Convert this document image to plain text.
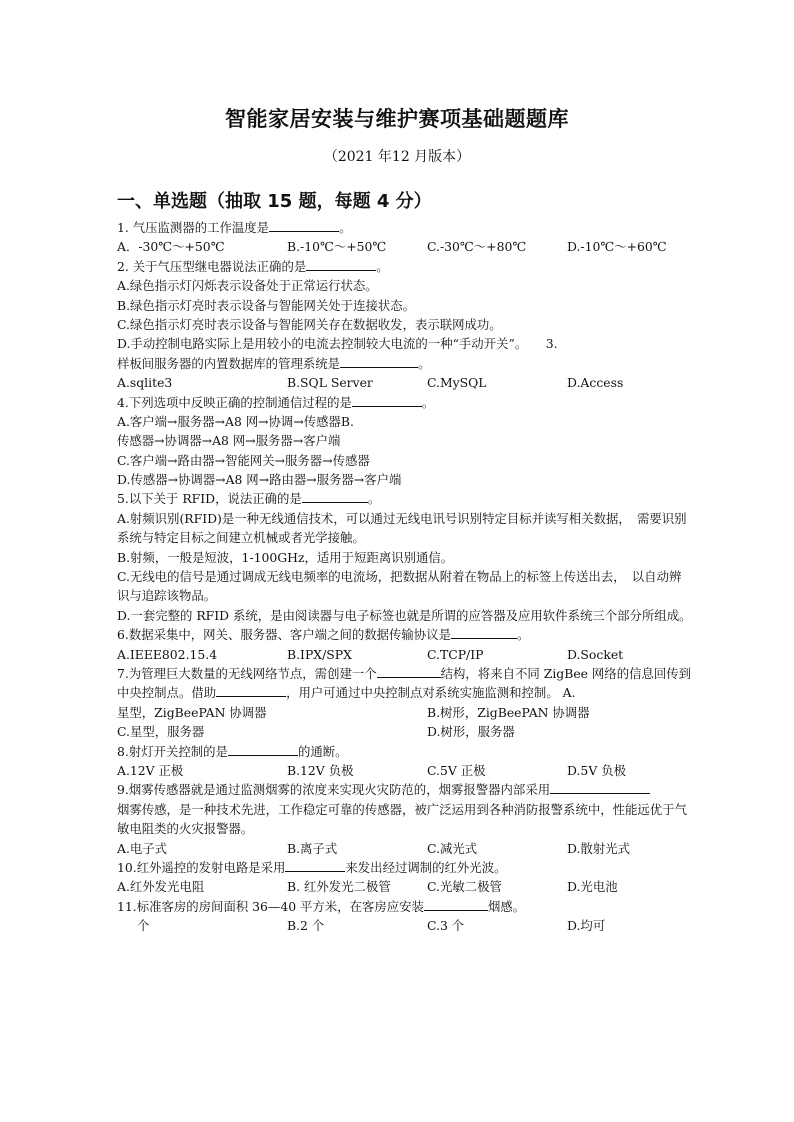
智能家居安装与维护赛项基础题题库
（2021 年12 月版本）
一、单选题（抽取 15 题，每题 4 分）
1. 气压监测器的工作温度是	。
A．-30℃～+50℃	B.-10℃～+50℃	C.-30℃～+80℃	D.-10℃～+60℃
2. 关于气压型继电器说法正确的是	。
A.绿色指示灯闪烁表示设备处于正常运行状态。
B.绿色指示灯亮时表示设备与智能网关处于连接状态。
C.绿色指示灯亮时表示设备与智能网关存在数据收发，表示联网成功。
D.手动控制电路实际上是用较小的电流去控制较大电流的一种“手动开关”。　　3.
样板间服务器的内置数据库的管理系统是	。
A.sqlite3	B.SQL Server	C.MySQL	D.Access
4.下列选项中反映正确的控制通信过程的是	。
A.客户端→服务器→A8 网→协调→传感器B.
传感器→协调器→A8 网→服务器→客户端
C.客户端→路由器→智能网关→服务器→传感器
D.传感器→协调器→A8 网→路由器→服务器→客户端
5.以下关于 RFID，说法正确的是	。
A.射频识别(RFID)是一种无线通信技术，可以通过无线电讯号识别特定目标并读写相关数据，　需要识别系统与特定目标之间建立机械或者光学接触。
B.射频，一般是短波，1-100GHz，适用于短距离识别通信。
C.无线电的信号是通过调成无线电频率的电流场，把数据从附着在物品上的标签上传送出去，　以自动辨识与追踪该物品。
D.一套完整的 RFID 系统，是由阅读器与电子标签也就是所谓的应答器及应用软件系统三个部分所组成。
6.数据采集中，网关、服务器、客户端之间的数据传输协议是	。
A.IEEE802.15.4	B.IPX/SPX	C.TCP/IP	D.Socket
7.为管理巨大数量的无线网络节点，需创建一个	结构，将来自不同 ZigBee 网络的信息回传到中央控制点。借助	，用户可通过中央控制点对系统实施监测和控制。 A.
星型，ZigBeePAN 协调器	B.树形，ZigBeePAN 协调器
C.星型，服务器	D.树形，服务器
8.射灯开关控制的是	的通断。
A.12V 正极	B.12V 负极	C.5V 正极	D.5V 负极
9.烟雾传感器就是通过监测烟雾的浓度来实现火灾防范的，烟雾报警器内部采用
烟雾传感，是一种技术先进，工作稳定可靠的传感器，被广泛运用到各种消防报警系统中，性能远优于气敏电阻类的火灾报警器。
A.电子式	B.离子式	C.减光式	D.散射光式
10.红外遥控的发射电路是采用	来发出经过调制的红外光波。
A.红外发光电阻	B. 红外发光二极管	C.光敏二极管	D.光电池
11.标准客房的房间面积 36—40 平方米，在客房应安装	烟感。
个	B.2 个	C.3 个	D.均可
